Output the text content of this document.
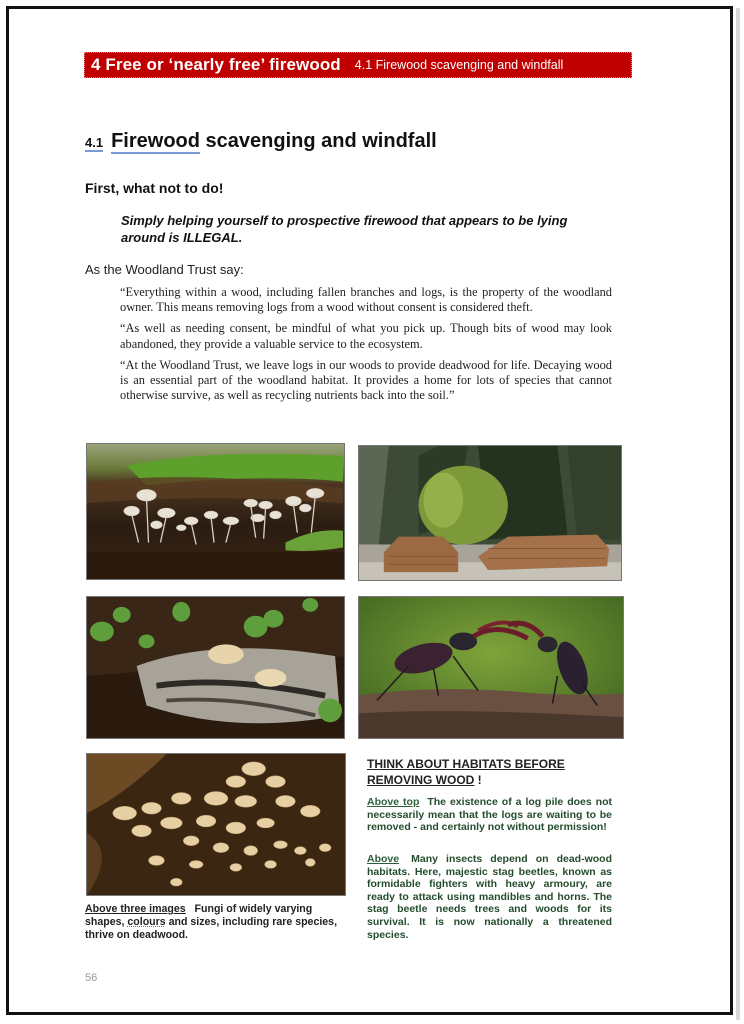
4 Free or ‘nearly free’ firewood 4.1 Firewood scavenging and windfall
4.1 Firewood scavenging and windfall
First, what not to do!
Simply helping yourself to prospective firewood that appears to be lying around is ILLEGAL.
As the Woodland Trust say:

“Everything within a wood, including fallen branches and logs, is the property of the woodland owner. This means removing logs from a wood without consent is considered theft.

“As well as needing consent, be mindful of what you pick up. Though bits of wood may look abandoned, they provide a valuable service to the ecosystem.

“At the Woodland Trust, we leave logs in our woods to provide deadwood for life. Decaying wood is an essential part of the woodland habitat. It provides a home for lots of species that cannot otherwise survive, as well as recycling nutrients back into the soil.”

Above three images Fungi of widely varying shapes, colours and sizes, including rare species, thrive on deadwood.
THINK ABOUT HABITATS BEFORE REMOVING WOOD !
Above top The existence of a log pile does not necessarily mean that the logs are waiting to be removed - and certainly not without permission!
Above Many insects depend on dead-wood habitats. Here, majestic stag beetles, known as formidable fighters with heavy armoury, are ready to attack using mandibles and horns. The stag beetle needs trees and woods for its survival. It is now nationally a threatened species.
56
